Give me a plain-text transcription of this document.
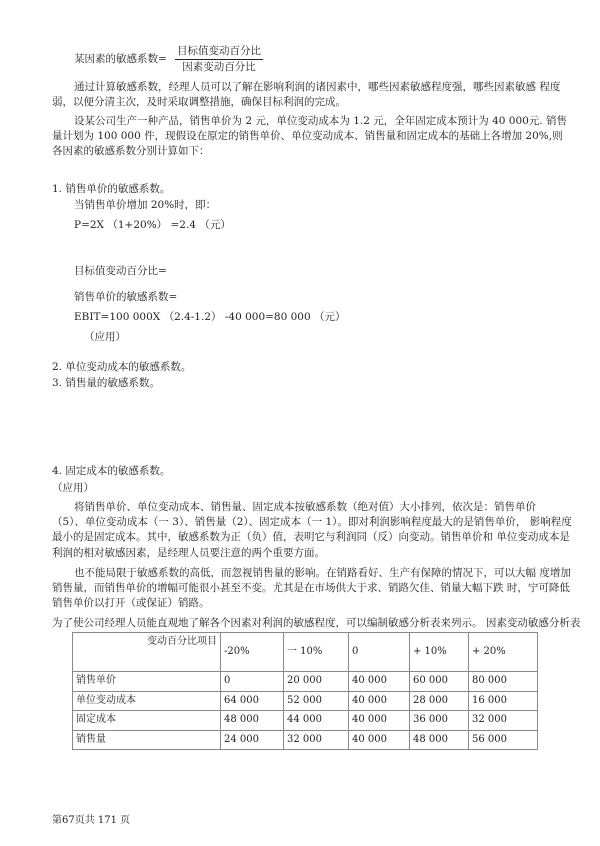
某因素的敏感系数=
目标值变动百分比
因素变动百分比
通过计算敏感系数，经理人员可以了解在影响利润的诸因素中，哪些因素敏感程度强，哪些因素敏感 程度弱，以便分清主次，及时采取调整措施，确保目标利润的完成。
设某公司生产一种产品，销售单价为 2 元，单位变动成本为 1.2 元，全年固定成本预计为 40 000元. 销售量计划为 100 000 件，现假设在原定的销售单价、单位变动成本、销售量和固定成本的基础上各增加 20%,则各因素的敏感系数分别计算如下：
1. 销售单价的敏感系数。
当销售单价增加 20%时，即：
P=2X （1+20%） =2.4 （元）
目标值变动百分比=
销售单价的敏感系数=
EBIT=100 000X （2.4-1.2） -40 000=80 000 （元）
（应用）
2. 单位变动成本的敏感系数。
3. 销售量的敏感系数。
4. 固定成本的敏感系数。
（应用）
将销售单价、单位变动成本、销售量、固定成本按敏感系数（绝对值）大小排列，依次是：销售单价 （5）、单位变动成本（一 3）、销售量（2）、固定成本（一 1）。即对利润影响程度最大的是销售单价， 影响程度最小的是固定成本。其中，敏感系数为正（负）值，表明它与利润同（反）向变动。销售单价和 单位变动成本是利润的相对敏感因素，是经理人员要注意的两个重要方面。
也不能局限于敏感系数的高低，而忽视销售量的影响。在销路看好、生产有保障的情况下，可以大幅 度增加销售量，而销售单价的增幅可能很小甚至不变。尤其是在市场供大于求、销路欠佳、销量大幅下跌 时，宁可降低销售单价以打开（或保证）销路。
为了使公司经理人员能直观地了解各个因素对利润的敏感程度，可以编制敏感分析表来列示。 因素变动敏感分析表
变动百分比项目	-20%	一 10%	0	+ 10%	+ 20%
销售单价	0	20 000	40 000	60 000	80 000
单位变动成本	64 000	52 000	40 000	28 000	16 000
固定成本	48 000	44 000	40 000	36 000	32 000
销售量	24 000	32 000	40 000	48 000	56 000
第67页共 171 页
